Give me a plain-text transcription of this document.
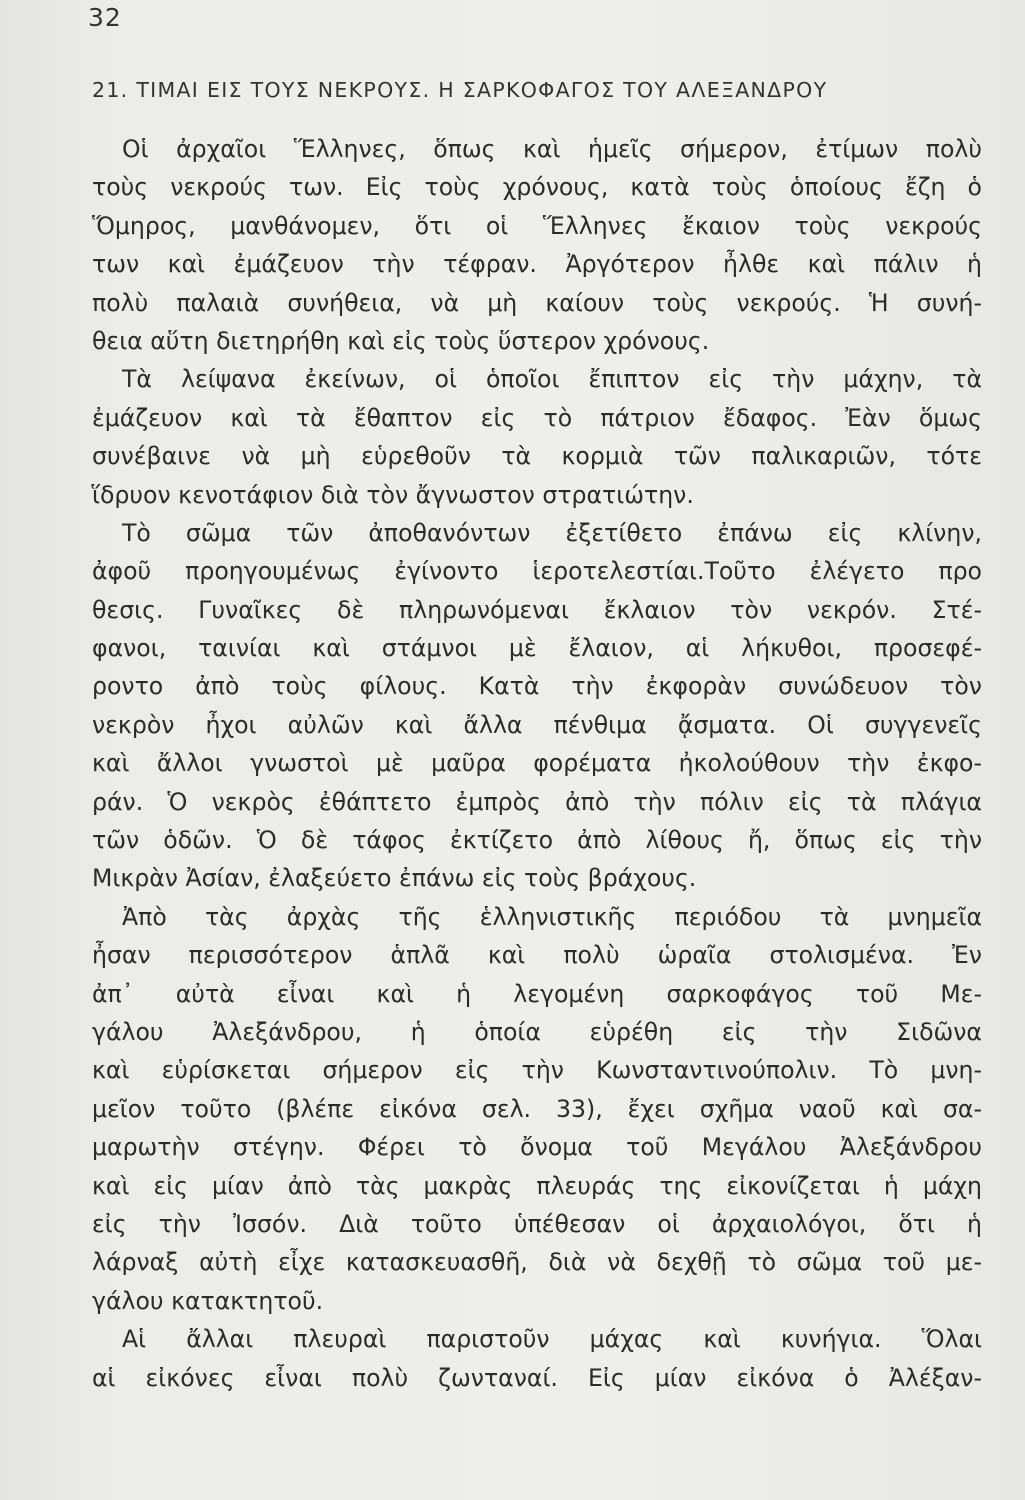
32
21. ΤΙΜΑΙ ΕΙΣ ΤΟΥΣ ΝΕΚΡΟΥΣ. Η ΣΑΡΚΟΦΑΓΟΣ ΤΟΥ ΑΛΕΞΑΝΔΡΟΥ
Οἱ ἀρχαῖοι Ἕλληνες, ὅπως καὶ ἡμεῖς σήμερον, ἐτίμων πολὺ
τοὺς νεκρούς των. Εἰς τοὺς χρόνους, κατὰ τοὺς ὁποίους ἔζη ὁ
Ὅμηρος, μανθάνομεν, ὅτι οἱ Ἕλληνες ἔκαιον τοὺς νεκρούς
των καὶ ἐμάζευον τὴν τέφραν. Ἀργότερον ἦλθε καὶ πάλιν ἡ
πολὺ παλαιὰ συνήθεια, νὰ μὴ καίουν τοὺς νεκρούς. Ἡ συνή-
θεια αὕτη διετηρήθη καὶ εἰς τοὺς ὕστερον χρόνους.
Τὰ λείψανα ἐκείνων, οἱ ὁποῖοι ἔπιπτον εἰς τὴν μάχην, τὰ
ἐμάζευον καὶ τὰ ἔθαπτον εἰς τὸ πάτριον ἔδαφος. Ἐὰν ὅμως
συνέβαινε νὰ μὴ εὑρεθοῦν τὰ κορμιὰ τῶν παλικαριῶν, τότε
ἵδρυον κενοτάφιον διὰ τὸν ἄγνωστον στρατιώτην.
Τὸ σῶμα τῶν ἀποθανόντων ἐξετίθετο ἐπάνω εἰς κλίνην,
ἀφοῦ προηγουμένως ἐγίνοντο ἱεροτελεστίαι.Τοῦτο ἐλέγετο προ
θεσις. Γυναῖκες δὲ πληρωνόμεναι ἔκλαιον τὸν νεκρόν. Στέ-
φανοι, ταινίαι καὶ στάμνοι μὲ ἔλαιον, αἱ λήκυθοι, προσεφέ-
ροντο ἀπὸ τοὺς φίλους. Κατὰ τὴν ἐκφορὰν συνώδευον τὸν
νεκρὸν ἦχοι αὐλῶν καὶ ἄλλα πένθιμα ᾄσματα. Οἱ συγγενεῖς
καὶ ἄλλοι γνωστοὶ μὲ μαῦρα φορέματα ἠκολούθουν τὴν ἐκφο-
ράν. Ὁ νεκρὸς ἐθάπτετο ἐμπρὸς ἀπὸ τὴν πόλιν εἰς τὰ πλάγια
τῶν ὁδῶν. Ὁ δὲ τάφος ἐκτίζετο ἀπὸ λίθους ἤ, ὅπως εἰς τὴν
Μικρὰν Ἀσίαν, ἐλαξεύετο ἐπάνω εἰς τοὺς βράχους.
Ἀπὸ τὰς ἀρχὰς τῆς ἑλληνιστικῆς περιόδου τὰ μνημεῖα
ἦσαν περισσότερον ἁπλᾶ καὶ πολὺ ὡραῖα στολισμένα. Ἐν
ἀπ᾿ αὐτὰ εἶναι καὶ ἡ λεγομένη σαρκοφάγος τοῦ Με-
γάλου Ἀλεξάνδρου, ἡ ὁποία εὑρέθη εἰς τὴν Σιδῶνα
καὶ εὑρίσκεται σήμερον εἰς τὴν Κωνσταντινούπολιν. Τὸ μνη-
μεῖον τοῦτο (βλέπε εἰκόνα σελ. 33), ἔχει σχῆμα ναοῦ καὶ σα-
μαρωτὴν στέγην. Φέρει τὸ ὄνομα τοῦ Μεγάλου Ἀλεξάνδρου
καὶ εἰς μίαν ἀπὸ τὰς μακρὰς πλευράς της εἰκονίζεται ἡ μάχη
εἰς τὴν Ἰσσόν. Διὰ τοῦτο ὑπέθεσαν οἱ ἀρχαιολόγοι, ὅτι ἡ
λάρναξ αὐτὴ εἶχε κατασκευασθῆ, διὰ νὰ δεχθῇ τὸ σῶμα τοῦ με-
γάλου κατακτητοῦ.
Αἱ ἄλλαι πλευραὶ παριστοῦν μάχας καὶ κυνήγια. Ὅλαι
αἱ εἰκόνες εἶναι πολὺ ζωνταναί. Εἰς μίαν εἰκόνα ὁ Ἀλέξαν-
